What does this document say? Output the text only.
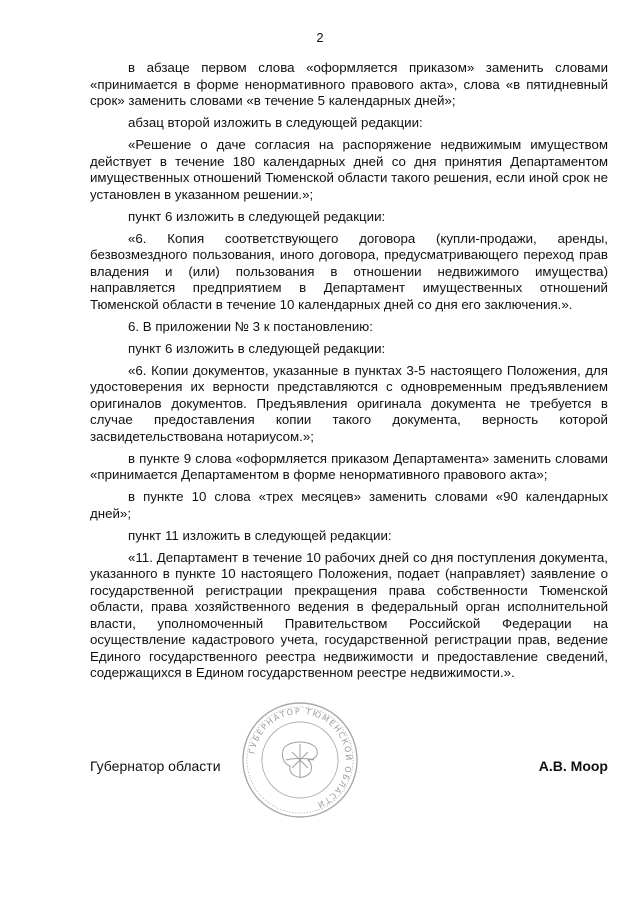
2

в абзаце первом слова «оформляется приказом» заменить словами «принимается в форме ненормативного правового акта», слова «в пятидневный срок» заменить словами «в течение 5 календарных дней»;

абзац второй изложить в следующей редакции:

«Решение о даче согласия на распоряжение недвижимым имуществом действует в течение 180 календарных дней со дня принятия Департаментом имущественных отношений Тюменской области такого решения, если иной срок не установлен в указанном решении.»;

пункт 6 изложить в следующей редакции:

«6. Копия соответствующего договора (купли-продажи, аренды, безвозмездного пользования, иного договора, предусматривающего переход прав владения и (или) пользования в отношении недвижимого имущества) направляется предприятием в Департамент имущественных отношений Тюменской области в течение 10 календарных дней со дня его заключения.».

6. В приложении № 3 к постановлению:

пункт 6 изложить в следующей редакции:

«6. Копии документов, указанные в пунктах 3-5 настоящего Положения, для удостоверения их верности представляются с одновременным предъявлением оригиналов документов. Предъявления оригинала документа не требуется в случае предоставления копии такого документа, верность которой засвидетельствована нотариусом.»;

в пункте 9 слова «оформляется приказом Департамента» заменить словами «принимается Департаментом в форме ненормативного правового акта»;

в пункте 10 слова «трех месяцев» заменить словами «90 календарных дней»;

пункт 11 изложить в следующей редакции:

«11. Департамент в течение 10 рабочих дней со дня поступления документа, указанного в пункте 10 настоящего Положения, подает (направляет) заявление о государственной регистрации прекращения права собственности Тюменской области, права хозяйственного ведения в федеральный орган исполнительной власти, уполномоченный Правительством Российской Федерации на осуществление кадастрового учета, государственной регистрации прав, ведение Единого государственного реестра недвижимости и предоставление сведений, содержащихся в Едином государственном реестре недвижимости.».

ГУБЕРНАТОР ТЮМЕНСКОЙ ОБЛАСТИ
Губернатор области	А.В. Моор
